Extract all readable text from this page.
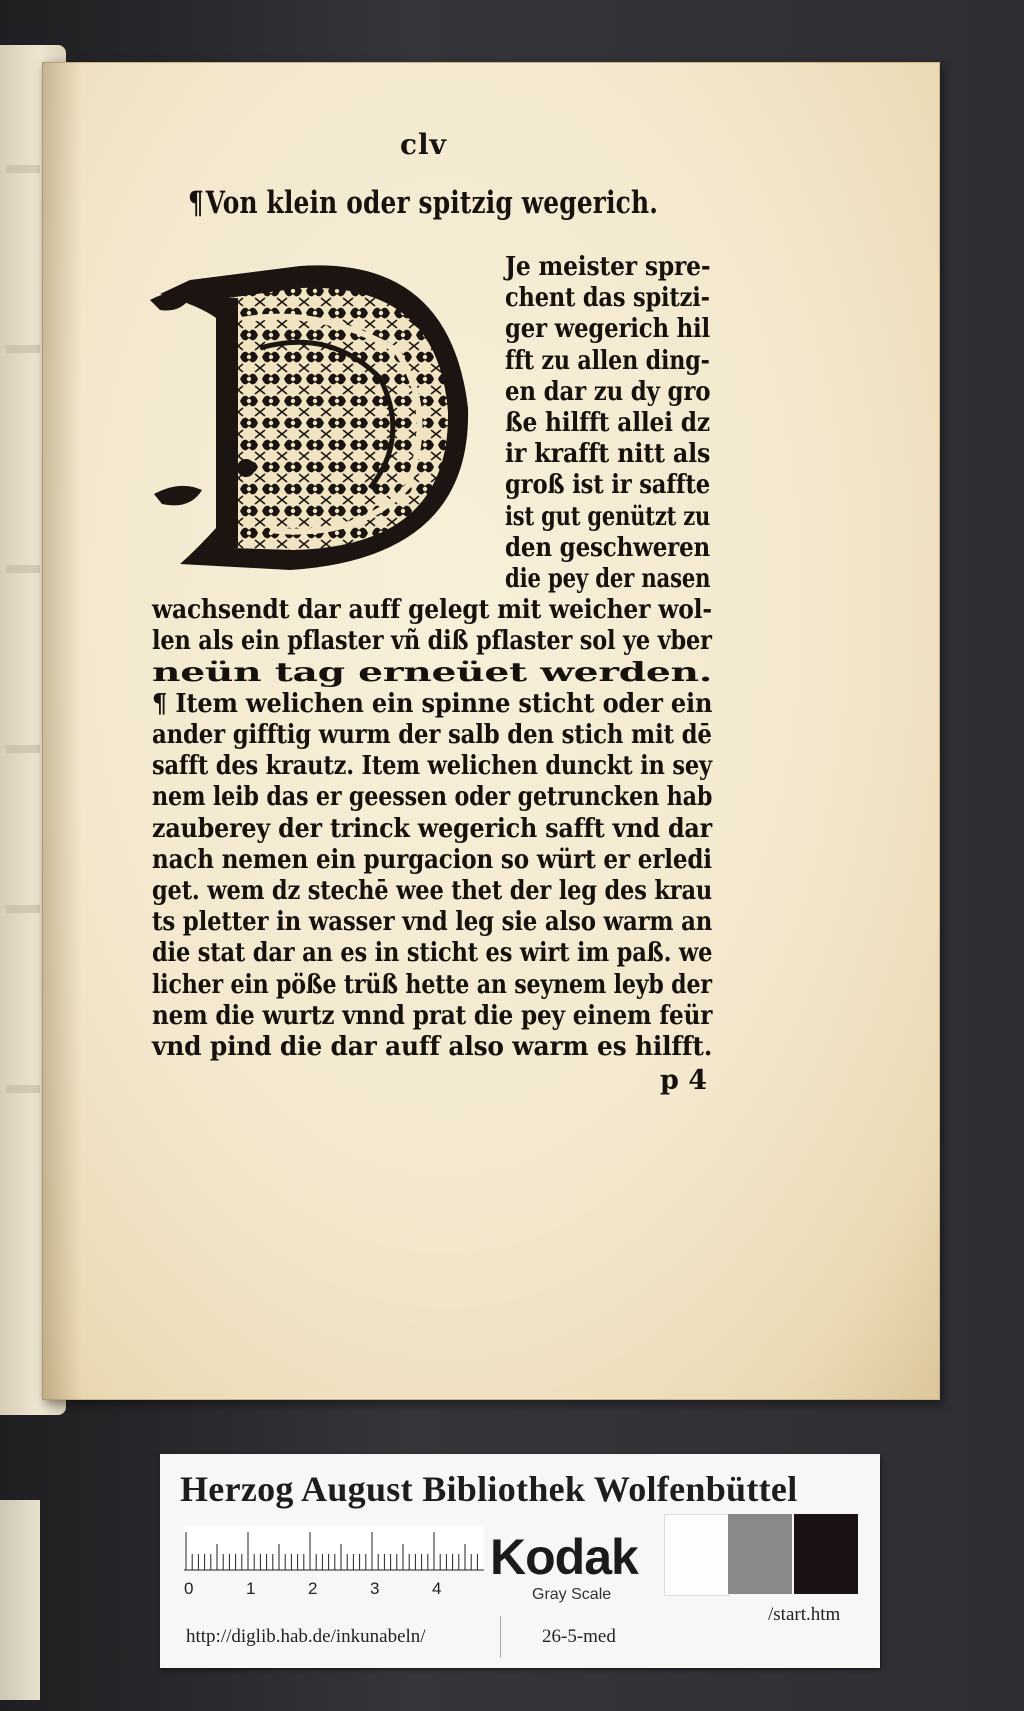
clv
¶Von klein oder spitzig wegerich.
Je meister spre-
chent das spitzi-
ger wegerich hil
fft zu allen ding-
en dar zu dy gro
ße hilfft allei dz
ir krafft nitt als
groß ist ir saffte
ist gut genützt zu
den geschweren
die pey der nasen
wachsendt dar auff gelegt mit weicher wol-
len als ein pflaster vñ diß pflaster sol ye vber
neün tag erneüet werden.
¶ Item welichen ein spinne sticht oder ein
ander gifftig wurm der salb den stich mit dē
safft des krautz. Item welichen dunckt in sey
nem leib das er geessen oder getruncken hab
zauberey der trinck wegerich safft vnd dar
nach nemen ein purgacion so würt er erledi
get. wem dz stechē wee thet der leg des krau
ts pletter in wasser vnd leg sie also warm an
die stat dar an es in sticht es wirt im paß. we
licher ein pöße trüß hette an seynem leyb der
nem die wurtz vnnd prat die pey einem feür
vnd pind die dar auff also warm es hilfft.
p 4
Herzog August Bibliothek Wolfenbüttel
0	1	2	3	4
Kodak
Gray Scale
http://diglib.hab.de/inkunabeln/	26-5-med
/start.htm
